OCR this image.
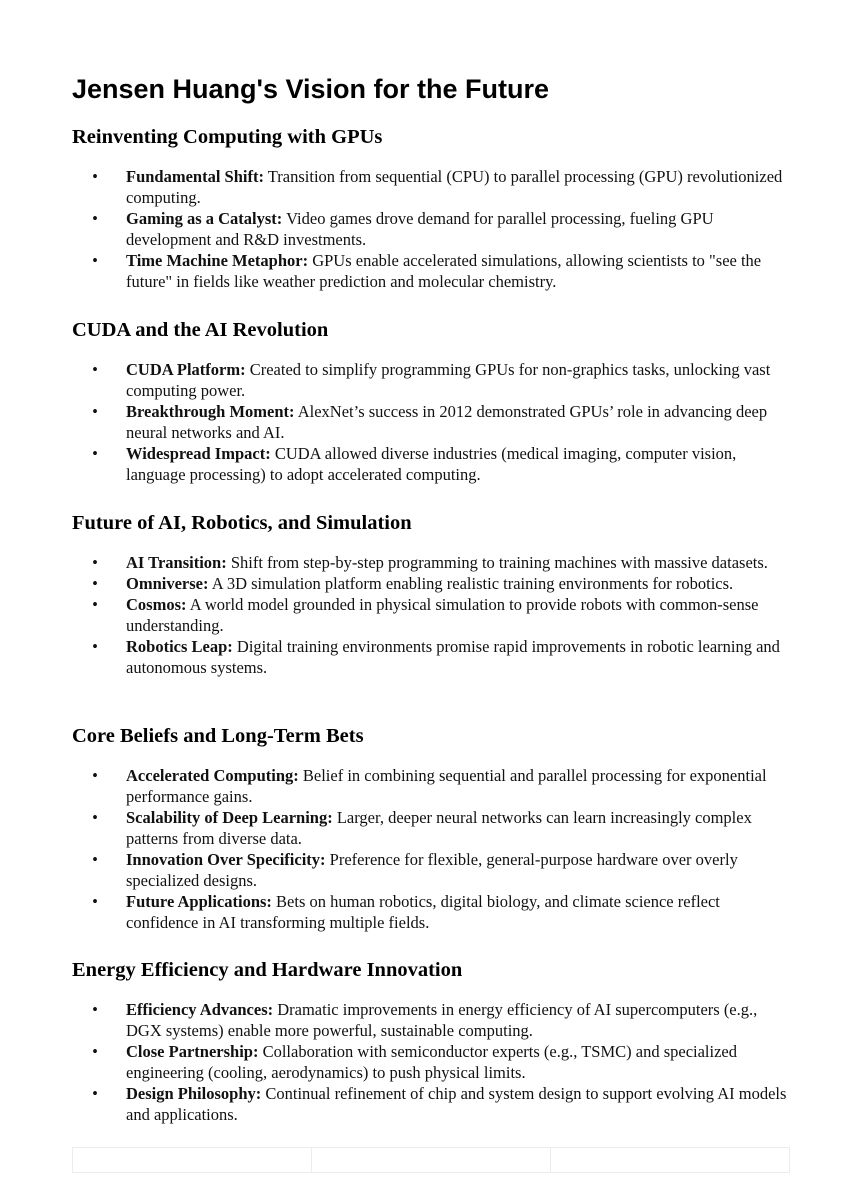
Jensen Huang's Vision for the Future
Reinventing Computing with GPUs
• Fundamental Shift: Transition from sequential (CPU) to parallel processing (GPU) revolutionized computing.
• Gaming as a Catalyst: Video games drove demand for parallel processing, fueling GPU development and R&D investments.
• Time Machine Metaphor: GPUs enable accelerated simulations, allowing scientists to "see the future" in fields like weather prediction and molecular chemistry.
CUDA and the AI Revolution
• CUDA Platform: Created to simplify programming GPUs for non-graphics tasks, unlocking vast computing power.
• Breakthrough Moment: AlexNet’s success in 2012 demonstrated GPUs’ role in advancing deep neural networks and AI.
• Widespread Impact: CUDA allowed diverse industries (medical imaging, computer vision, language processing) to adopt accelerated computing.
Future of AI, Robotics, and Simulation
• AI Transition: Shift from step-by-step programming to training machines with massive datasets.
• Omniverse: A 3D simulation platform enabling realistic training environments for robotics.
• Cosmos: A world model grounded in physical simulation to provide robots with common-sense understanding.
• Robotics Leap: Digital training environments promise rapid improvements in robotic learning and autonomous systems.
Core Beliefs and Long-Term Bets
• Accelerated Computing: Belief in combining sequential and parallel processing for exponential performance gains.
• Scalability of Deep Learning: Larger, deeper neural networks can learn increasingly complex patterns from diverse data.
• Innovation Over Specificity: Preference for flexible, general-purpose hardware over overly specialized designs.
• Future Applications: Bets on human robotics, digital biology, and climate science reflect confidence in AI transforming multiple fields.
Energy Efficiency and Hardware Innovation
• Efficiency Advances: Dramatic improvements in energy efficiency of AI supercomputers (e.g., DGX systems) enable more powerful, sustainable computing.
• Close Partnership: Collaboration with semiconductor experts (e.g., TSMC) and specialized engineering (cooling, aerodynamics) to push physical limits.
• Design Philosophy: Continual refinement of chip and system design to support evolving AI models and applications.
